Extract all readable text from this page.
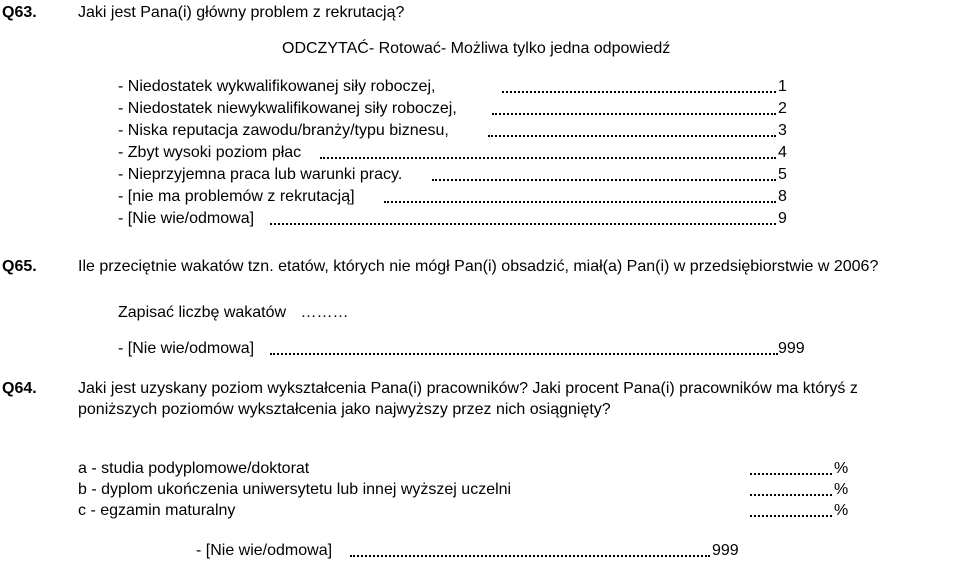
Q63.	Jaki jest Pana(i) główny problem z rekrutacją?
ODCZYTAĆ- Rotować- Możliwa tylko jedna odpowiedź
- Niedostatek wykwalifikowanej siły roboczej,	1
- Niedostatek niewykwalifikowanej siły roboczej,	2
- Niska reputacja zawodu/branży/typu biznesu,	3
- Zbyt wysoki poziom płac	4
- Nieprzyjemna praca lub warunki pracy.	5
- [nie ma problemów z rekrutacją]	8
- [Nie wie/odmowa]	9
Q65.	Ile przeciętnie wakatów tzn. etatów, których nie mógł Pan(i) obsadzić, miał(a) Pan(i) w przedsiębiorstwie w 2006?
Zapisać liczbę wakatów ………
- [Nie wie/odmowa]	999
Q64.	Jaki jest uzyskany poziom wykształcenia Pana(i) pracowników? Jaki procent Pana(i) pracowników ma któryś z
poniższych poziomów wykształcenia jako najwyższy przez nich osiągnięty?
a - studia podyplomowe/doktorat	%
b - dyplom ukończenia uniwersytetu lub innej wyższej uczelni	%
c - egzamin maturalny	%
- [Nie wie/odmowa]	999
